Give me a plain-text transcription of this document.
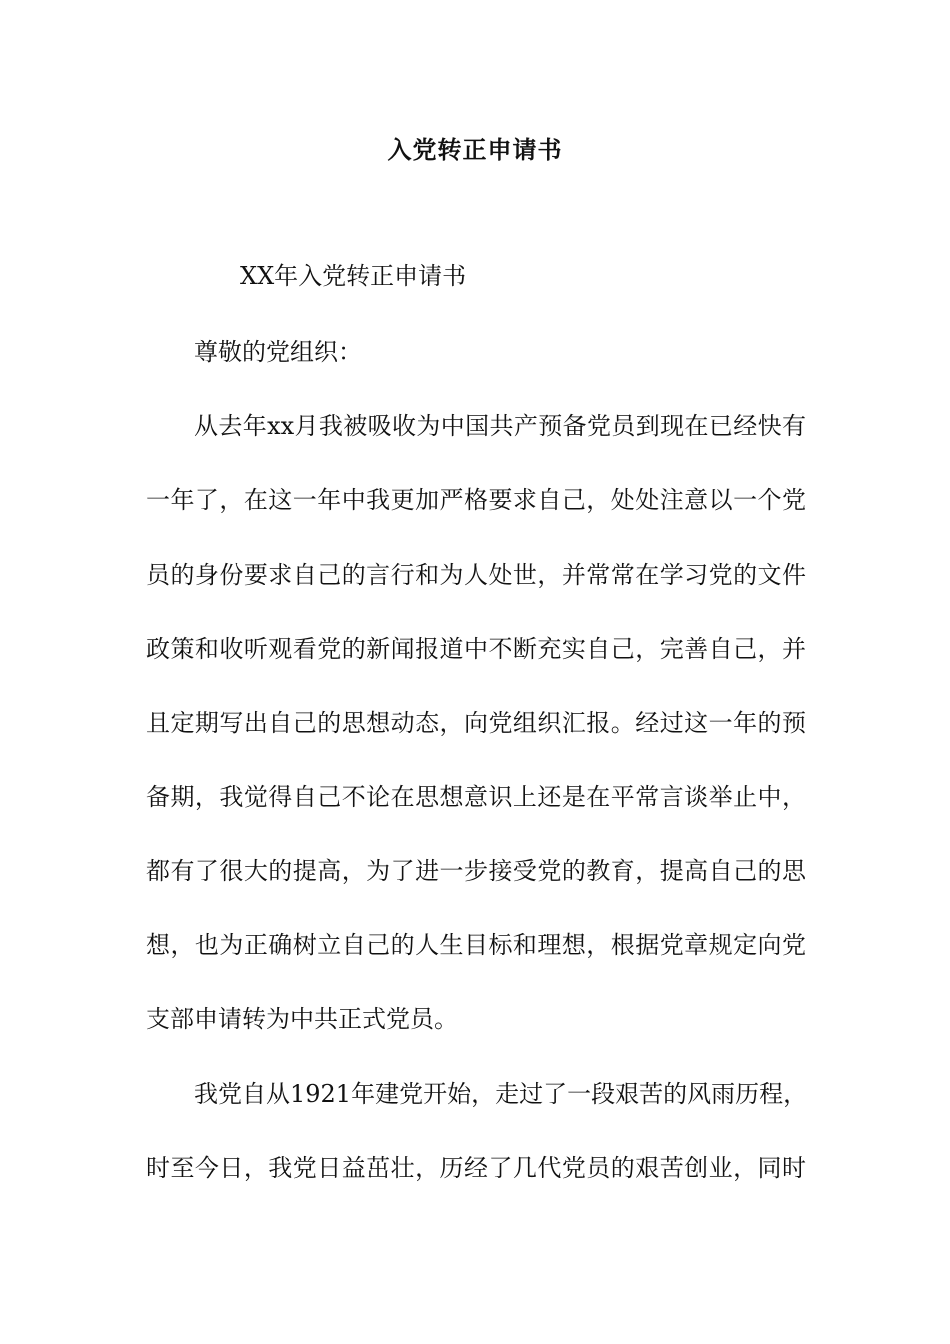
入党转正申请书
XX年入党转正申请书
尊敬的党组织：
从去年xx月我被吸收为中国共产预备党员到现在已经快有
一年了，在这一年中我更加严格要求自己，处处注意以一个党
员的身份要求自己的言行和为人处世，并常常在学习党的文件
政策和收听观看党的新闻报道中不断充实自己，完善自己，并
且定期写出自己的思想动态，向党组织汇报。经过这一年的预
备期，我觉得自己不论在思想意识上还是在平常言谈举止中，
都有了很大的提高，为了进一步接受党的教育，提高自己的思
想，也为正确树立自己的人生目标和理想，根据党章规定向党
支部申请转为中共正式党员。
我党自从1921年建党开始，走过了一段艰苦的风雨历程，
时至今日，我党日益茁壮，历经了几代党员的艰苦创业，同时
